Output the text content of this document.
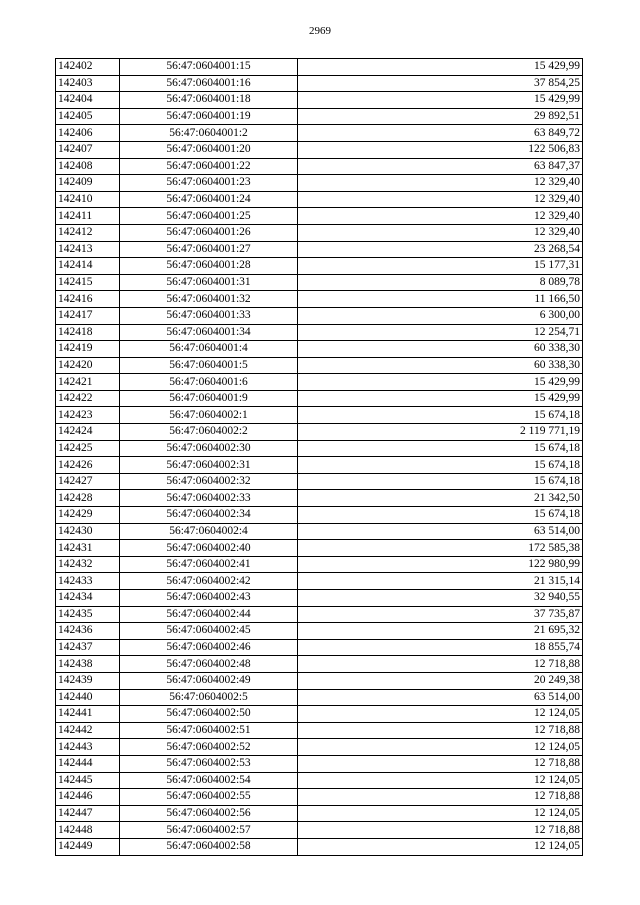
2969
142402	56:47:0604001:15	15 429,99
142403	56:47:0604001:16	37 854,25
142404	56:47:0604001:18	15 429,99
142405	56:47:0604001:19	29 892,51
142406	56:47:0604001:2	63 849,72
142407	56:47:0604001:20	122 506,83
142408	56:47:0604001:22	63 847,37
142409	56:47:0604001:23	12 329,40
142410	56:47:0604001:24	12 329,40
142411	56:47:0604001:25	12 329,40
142412	56:47:0604001:26	12 329,40
142413	56:47:0604001:27	23 268,54
142414	56:47:0604001:28	15 177,31
142415	56:47:0604001:31	8 089,78
142416	56:47:0604001:32	11 166,50
142417	56:47:0604001:33	6 300,00
142418	56:47:0604001:34	12 254,71
142419	56:47:0604001:4	60 338,30
142420	56:47:0604001:5	60 338,30
142421	56:47:0604001:6	15 429,99
142422	56:47:0604001:9	15 429,99
142423	56:47:0604002:1	15 674,18
142424	56:47:0604002:2	2 119 771,19
142425	56:47:0604002:30	15 674,18
142426	56:47:0604002:31	15 674,18
142427	56:47:0604002:32	15 674,18
142428	56:47:0604002:33	21 342,50
142429	56:47:0604002:34	15 674,18
142430	56:47:0604002:4	63 514,00
142431	56:47:0604002:40	172 585,38
142432	56:47:0604002:41	122 980,99
142433	56:47:0604002:42	21 315,14
142434	56:47:0604002:43	32 940,55
142435	56:47:0604002:44	37 735,87
142436	56:47:0604002:45	21 695,32
142437	56:47:0604002:46	18 855,74
142438	56:47:0604002:48	12 718,88
142439	56:47:0604002:49	20 249,38
142440	56:47:0604002:5	63 514,00
142441	56:47:0604002:50	12 124,05
142442	56:47:0604002:51	12 718,88
142443	56:47:0604002:52	12 124,05
142444	56:47:0604002:53	12 718,88
142445	56:47:0604002:54	12 124,05
142446	56:47:0604002:55	12 718,88
142447	56:47:0604002:56	12 124,05
142448	56:47:0604002:57	12 718,88
142449	56:47:0604002:58	12 124,05
